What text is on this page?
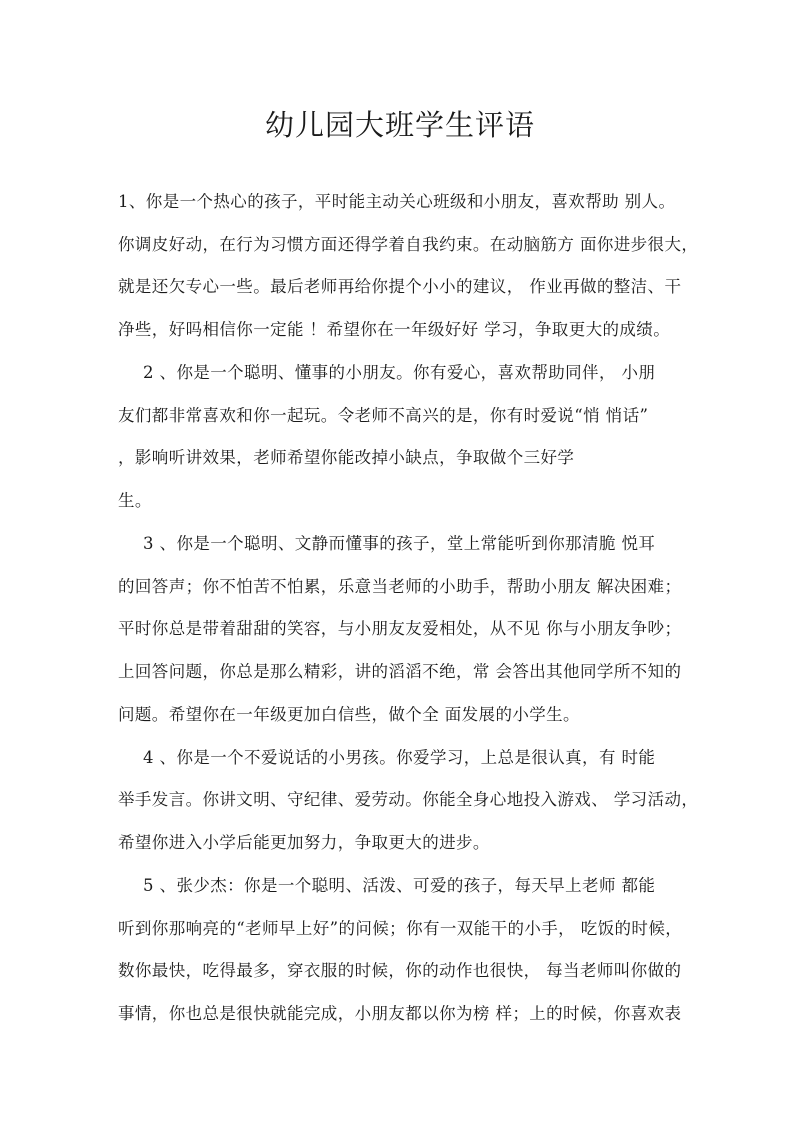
幼儿园大班学生评语
1、你是一个热心的孩子，平时能主动关心班级和小朋友，喜欢帮助 别人。
你调皮好动，在行为习惯方面还得学着自我约束。在动脑筋方 面你进步很大，
就是还欠专心一些。最后老师再给你提个小小的建议， 作业再做的整洁、干
净些，好吗相信你一定能 ！希望你在一年级好好 学习，争取更大的成绩。
2 、你是一个聪明、懂事的小朋友。你有爱心，喜欢帮助同伴， 小朋
友们都非常喜欢和你一起玩。令老师不高兴的是，你有时爱说“悄 悄话”
，影响听讲效果，老师希望你能改掉小缺点，争取做个三好学
生。
3 、你是一个聪明、文静而懂事的孩子，堂上常能听到你那清脆 悦耳
的回答声；你不怕苦不怕累，乐意当老师的小助手，帮助小朋友 解决困难；
平时你总是带着甜甜的笑容，与小朋友友爱相处，从不见 你与小朋友争吵；
上回答问题，你总是那么精彩，讲的滔滔不绝，常 会答出其他同学所不知的
问题。希望你在一年级更加白信些，做个全 面发展的小学生。
4 、你是一个不爱说话的小男孩。你爱学习，上总是很认真，有 时能
举手发言。你讲文明、守纪律、爱劳动。你能全身心地投入游戏、 学习活动，
希望你进入小学后能更加努力，争取更大的进步。
5 、张少杰：你是一个聪明、活泼、可爱的孩子，每天早上老师 都能
听到你那响亮的“老师早上好”的问候；你有一双能干的小手， 吃饭的时候，
数你最快，吃得最多，穿衣服的时候，你的动作也很快， 每当老师叫你做的
事情，你也总是很快就能完成，小朋友都以你为榜 样；上的时候，你喜欢表
